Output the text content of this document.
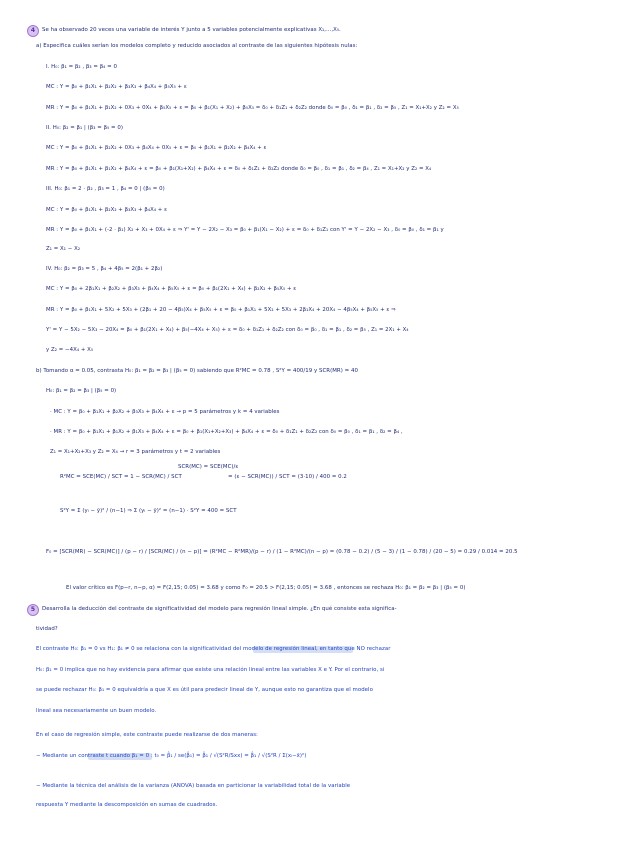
4	Se ha observado 20 veces una variable de interés Y junto a 5 variables potencialmente explicativas X₁,...,X₅.
a) Especifica cuáles serían los modelos completo y reducido asociados al contraste de las siguientes hipótesis nulas:
I. H₀: β₁ = β₂ , β₃ = β₄ = 0
MC : Y = β₀ + β₁X₁ + β₂X₂ + β₃X₃ + β₄X₄ + β₅X₅ + ε
MR : Y = β₀ + β₁X₁ + β₁X₂ + 0X₃ + 0X₄ + β₅X₅ + ε = β₀ + β₁(X₁ + X₂) + β₅X₅ = δ₀ + δ₁Z₁ + δ₂Z₂ donde δ₀ = β₀ , δ₁ = β₁ , δ₂ = β₅ , Z₁ = X₁+X₂ y Z₂ = X₅
II. H₀: β₂ = β₁ | (β₃ = β₅ = 0)
MC : Y = β₀ + β₁X₁ + β₂X₂ + 0X₃ + β₄X₄ + 0X₅ + ε = β₀ + β₁X₁ + β₂X₂ + β₄X₄ + ε
MR : Y = β₀ + β₁X₁ + β₁X₂ + β₄X₄ + ε = β₀ + β₁(X₁+X₂) + β₄X₄ + ε = δ₀ + δ₁Z₁ + δ₂Z₂ donde δ₀ = β₀ , δ₁ = β₁ , δ₂ = β₄ , Z₁ = X₁+X₂ y Z₂ = X₄
III. H₀: β₁ = 2 · β₂ , β₃ = 1 , β₄ = 0 | (β₅ = 0)
MC : Y = β₀ + β₁X₁ + β₂X₂ + β₃X₃ + β₄X₄ + ε
MR : Y = β₀ + β₁X₁ + (-2 · β₁) X₂ + X₃ + 0X₄ + ε ⇒ Y' = Y − 2X₂ − X₃ = β₀ + β₁(X₁ − X₂) + ε = δ₀ + δ₁Z₁ con Y' = Y − 2X₂ − X₃ , δ₀ = β₀ , δ₁ = β₁ y
Z₁ = X₁ − X₂
IV. H₀: β₂ = β₃ = 5 , β₄ + 4β₅ = 2(β₁ + 2β₂)
MC : Y = β₀ + 2β₁X₁ + β₂X₂ + β₃X₃ + β₄X₄ + β₅X₅ + ε = β₀ + β₁(2X₁ + X₄) + β₂X₂ + β₅X₅ + ε
MR : Y = β₀ + β₁X₁ + 5X₂ + 5X₃ + (2β₁ + 20 − 4β₅)X₄ + β₅X₅ + ε = β₀ + β₁X₁ + 5X₂ + 5X₃ + 2β₁X₄ + 20X₄ − 4β₅X₄ + β₅X₅ + ε ⇒
Y' = Y − 5X₂ − 5X₃ − 20X₄ = β₀ + β₁(2X₁ + X₄) + β₅(−4X₄ + X₅) + ε = δ₀ + δ₁Z₁ + δ₂Z₂ con δ₀ = β₀ , δ₁ = β₁ , δ₂ = β₅ , Z₁ = 2X₁ + X₄
y Z₂ = −4X₄ + X₅
b) Tomando α = 0.05, contrasta H₀: β₁ = β₂ = β₃ | (β₅ = 0) sabiendo que R²MC = 0.78 , S²Y = 400/19 y SCR(MR) = 40
H₀: β₁ = β₂ = β₃ | (β₅ = 0)
· MC : Y = β₀ + β₁X₁ + β₂X₂ + β₃X₃ + β₄X₄ + ε → p = 5 parámetros y k = 4 variables
· MR : Y = β₀ + β₁X₁ + β₁X₂ + β₁X₃ + β₄X₄ + ε = β₀ + β₁(X₁+X₂+X₃) + β₄X₄ + ε = δ₀ + δ₁Z₁ + δ₂Z₂ con δ₀ = β₀ , δ₁ = β₁ , δ₂ = β₄ ,
Z₁ = X₁+X₂+X₃ y Z₂ = X₄ → r = 3 parámetros y t = 2 variables
R²MC = SCE(MC) / SCT = 1 − SCR(MC) / SCT
SCR(MC) = SCE(MC)/ε
= (ε − SCR(MC)) / SCT = (3·10) / 400 = 0.2
S²Y = Σ (yᵢ − ȳ)² / (n−1) ⇒ Σ (yᵢ − ȳ)² = (n−1) · S²Y = 400 = SCT
F₀ = [SCR(MR) − SCR(MC)] / (p − r) / [SCR(MC) / (n − p)] = (R²MC − R²MR)/(p − r) / (1 − R²MC)/(n − p) = (0.78 − 0.2) / (5 − 3) / (1 − 0.78) / (20 − 5) = 0.29 / 0.014 = 20.5
El valor crítico es F(p−r, n−p, α) = F(2,15; 0.05) = 3.68 y como F₀ = 20.5 > F(2,15; 0.05) = 3.68 , entonces se rechaza H₀: β₁ = β₂ = β₃ | (β₅ = 0)
5	Desarrolla la deducción del contraste de significatividad del modelo para regresión lineal simple. ¿En qué consiste esta significa-
tividad?
El contraste H₀: β₁ = 0 vs H₁: β₁ ≠ 0 se relaciona con la significatividad del modelo de regresión lineal, en tanto que NO rechazar
H₀: β₁ = 0 implica que no hay evidencia para afirmar que existe una relación lineal entre las variables X e Y. Por el contrario, si
se puede rechazar H₀: β₁ = 0 equivaldría a que X es útil para predecir lineal de Y, aunque esto no garantiza que el modelo
lineal sea necesariamente un buen modelo.
En el caso de regresión simple, este contraste puede realizarse de dos maneras:
− Mediante un contraste t cuando β₁ = 0 : t₀ = β̂₁ / se(β̂₁) = β̂₁ / √(S²R/Sxx) = β̂₁ / √(S²R / Σ(xᵢ−x̄)²)
− Mediante la técnica del análisis de la varianza (ANOVA) basada en particionar la variabilidad total de la variable
respuesta Y mediante la descomposición en sumas de cuadrados.
